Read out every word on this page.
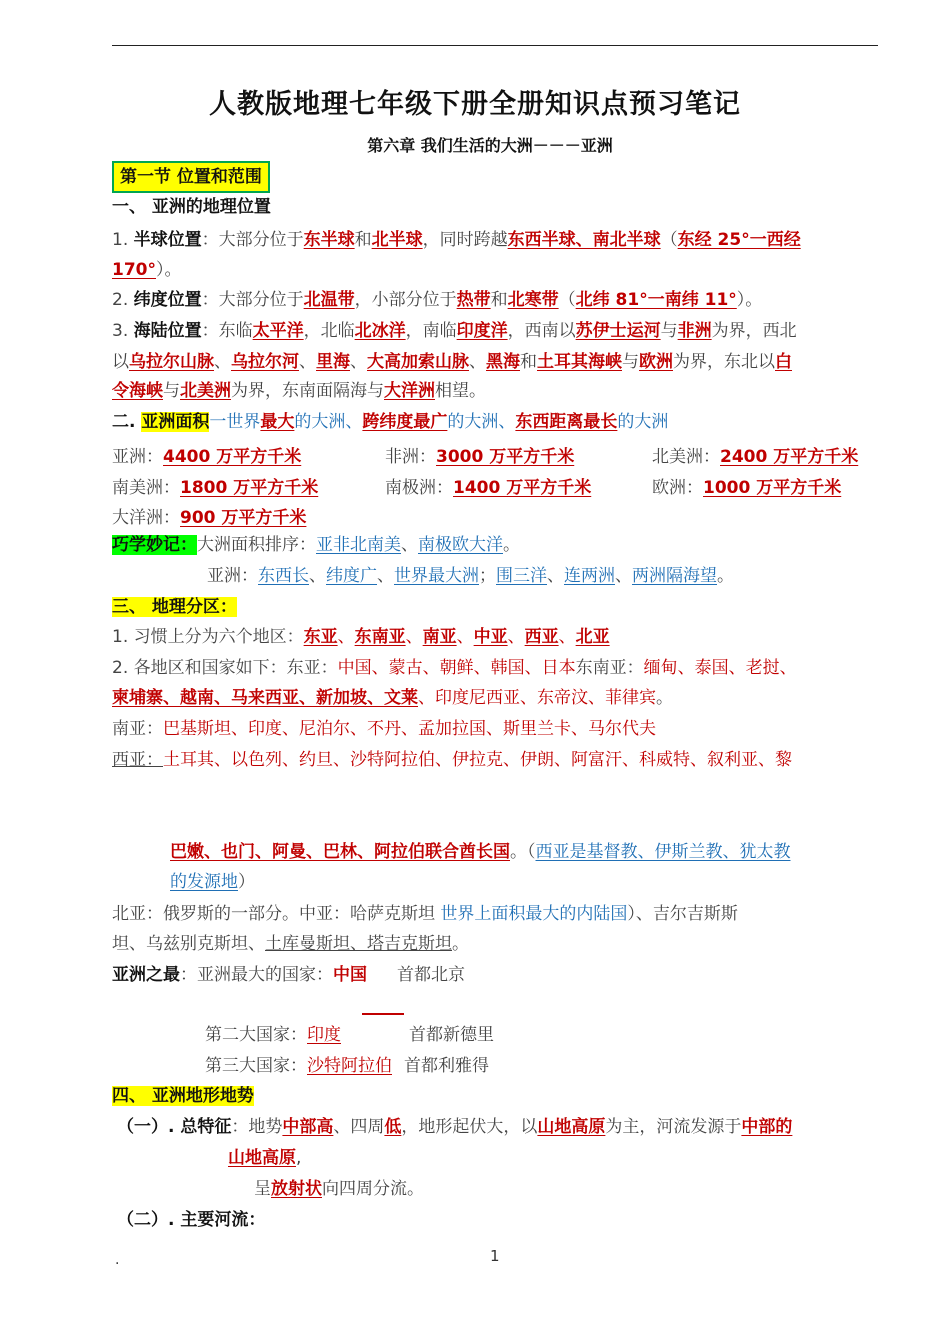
人教版地理七年级下册全册知识点预习笔记
第六章 我们生活的大洲－－－亚洲
第一节 位置和范围
一、 亚洲的地理位置
1. 半球位置：大部分位于东半球和北半球，同时跨越东西半球、南北半球（东经 25°一西经
170°）。
2. 纬度位置：大部分位于北温带，小部分位于热带和北寒带（北纬 81°一南纬 11°）。
3. 海陆位置：东临太平洋，北临北冰洋，南临印度洋，西南以苏伊士运河与非洲为界，西北
以乌拉尔山脉、乌拉尔河、里海、大高加索山脉、黑海和土耳其海峡与欧洲为界，东北以白
令海峡与北美洲为界，东南面隔海与大洋洲相望。
二. 亚洲面积一世界最大的大洲、跨纬度最广的大洲、东西距离最长的大洲
亚洲：4400 万平方千米	非洲：3000 万平方千米	北美洲：2400 万平方千米
南美洲：1800 万平方千米	南极洲：1400 万平方千米	欧洲：1000 万平方千米
大洋洲：900 万平方千米
巧学妙记：大洲面积排序：亚非北南美、南极欧大洋。
亚洲：东西长、纬度广、世界最大洲；围三洋、连两洲、两洲隔海望。
三、 地理分区：
1. 习惯上分为六个地区：东亚、东南亚、南亚、中亚、西亚、北亚
2. 各地区和国家如下：东亚：中国、蒙古、朝鲜、韩国、日本东南亚：缅甸、泰国、老挝、
柬埔寨、越南、马来西亚、新加坡、文莱、印度尼西亚、东帝汶、菲律宾。
南亚：巴基斯坦、印度、尼泊尔、不丹、孟加拉国、斯里兰卡、马尔代夫
西亚：土耳其、以色列、约旦、沙特阿拉伯、伊拉克、伊朗、阿富汗、科威特、叙利亚、黎
巴嫩、也门、阿曼、巴林、阿拉伯联合酋长国。（西亚是基督教、伊斯兰教、犹太教
的发源地）
北亚：俄罗斯的一部分。中亚：哈萨克斯坦 世界上面积最大的内陆国）、吉尔吉斯斯
坦、乌兹别克斯坦、土库曼斯坦、塔吉克斯坦。
亚洲之最：亚洲最大的国家：中国 首都北京
第二大国家：印度	首都新德里
第三大国家：沙特阿拉伯 首都利雅得
四、 亚洲地形地势
（一）. 总特征：地势中部高、四周低，地形起伏大，以山地高原为主，河流发源于中部的
山地高原,
呈放射状向四周分流。
（二）. 主要河流：
.	1
